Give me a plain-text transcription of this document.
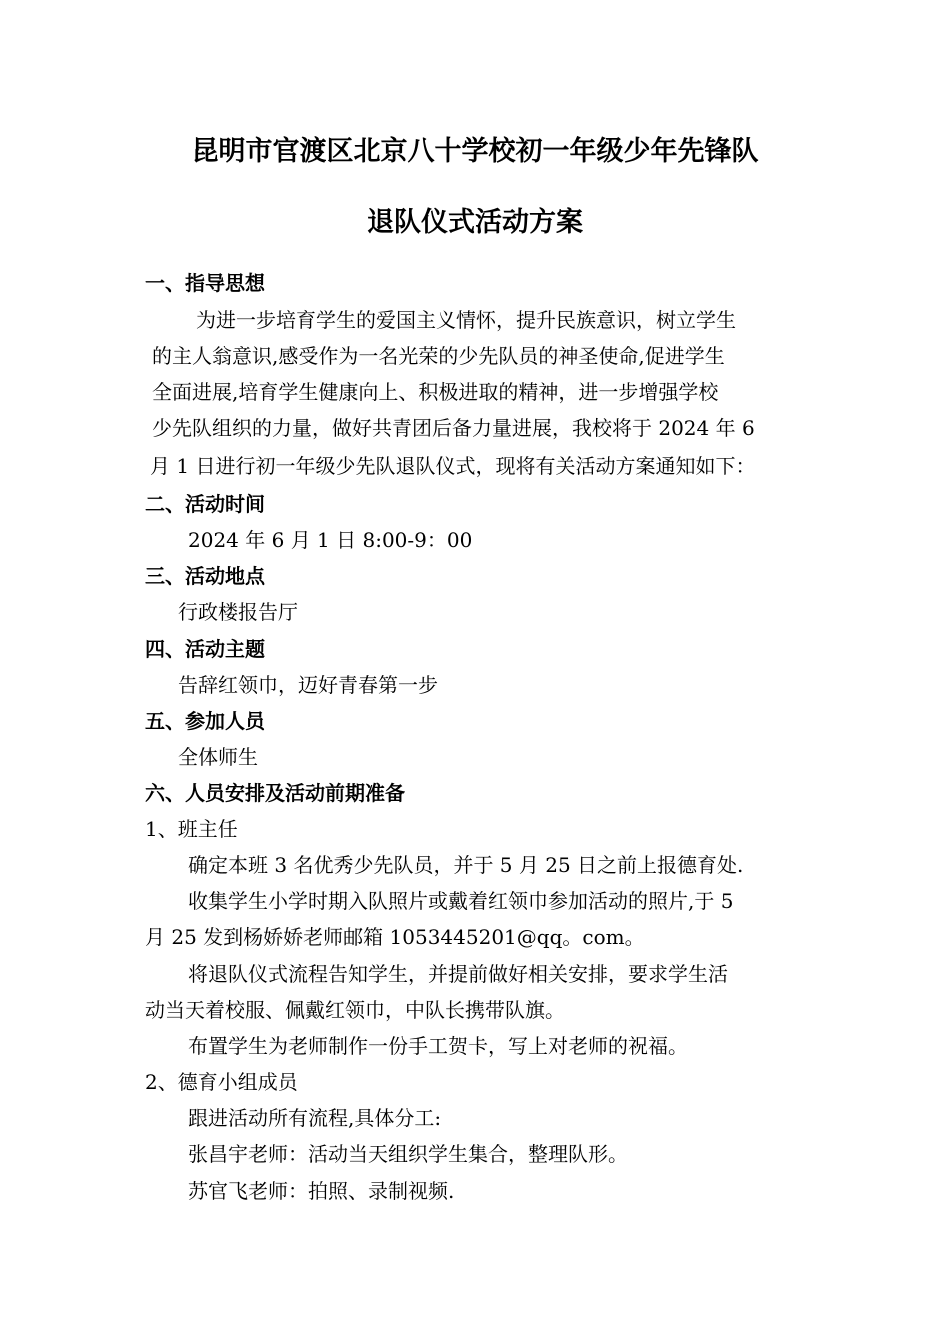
昆明市官渡区北京八十学校初一年级少年先锋队
退队仪式活动方案
一、指导思想
为进一步培育学生的爱国主义情怀，提升民族意识，树立学生
的主人翁意识,感受作为一名光荣的少先队员的神圣使命,促进学生
全面进展,培育学生健康向上、积极进取的精神，进一步增强学校
少先队组织的力量，做好共青团后备力量进展，我校将于 2024 年 6
月 1 日进行初一年级少先队退队仪式，现将有关活动方案通知如下：
二、活动时间
2024 年 6 月 1 日 8:00-9：00
三、活动地点
行政楼报告厅
四、活动主题
告辞红领巾，迈好青春第一步
五、参加人员
全体师生
六、人员安排及活动前期准备
1、班主任
确定本班 3 名优秀少先队员，并于 5 月 25 日之前上报德育处.
收集学生小学时期入队照片或戴着红领巾参加活动的照片,于 5
月 25 发到杨娇娇老师邮箱 1053445201@qq。com。
将退队仪式流程告知学生，并提前做好相关安排，要求学生活
动当天着校服、佩戴红领巾，中队长携带队旗。
布置学生为老师制作一份手工贺卡，写上对老师的祝福。
2、德育小组成员
跟进活动所有流程,具体分工:
张昌宇老师：活动当天组织学生集合，整理队形。
苏官飞老师：拍照、录制视频.
